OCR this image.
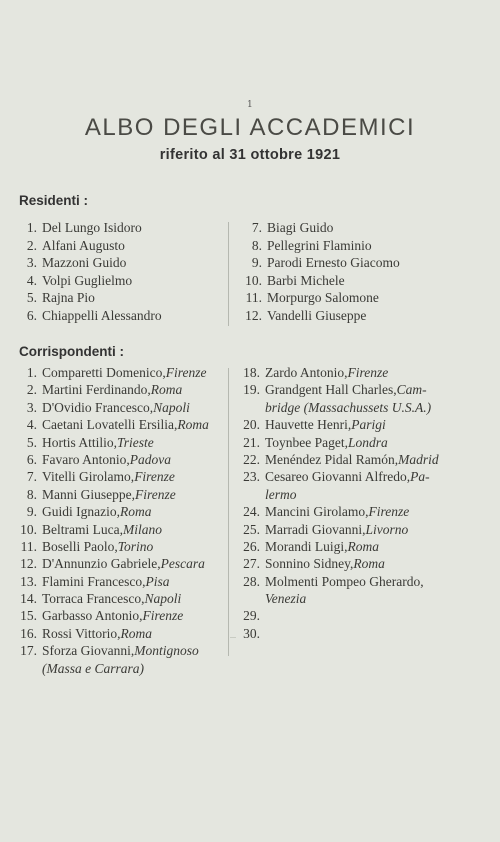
1
ALBO DEGLI ACCADEMICI
riferito al 31 ottobre 1921
Residenti :
1. Del Lungo Isidoro
2. Alfani Augusto
3. Mazzoni Guido
4. Volpi Guglielmo
5. Rajna Pio
6. Chiappelli Alessandro
7. Biagi Guido
8. Pellegrini Flaminio
9. Parodi Ernesto Giacomo
10. Barbi Michele
11. Morpurgo Salomone
12. Vandelli Giuseppe
Corrispondenti :
1. Comparetti Domenico, Firenze
2. Martini Ferdinando, Roma
3. D'Ovidio Francesco, Napoli
4. Caetani Lovatelli Ersilia, Roma
5. Hortis Attilio, Trieste
6. Favaro Antonio, Padova
7. Vitelli Girolamo, Firenze
8. Manni Giuseppe, Firenze
9. Guidi Ignazio, Roma
10. Beltrami Luca, Milano
11. Boselli Paolo, Torino
12. D'Annunzio Gabriele, Pescara
13. Flamini Francesco, Pisa
14. Torraca Francesco, Napoli
15. Garbasso Antonio, Firenze
16. Rossi Vittorio, Roma
17. Sforza Giovanni, Montignoso
(Massa e Carrara)
18. Zardo Antonio, Firenze
19. Grandgent Hall Charles, Cam-
bridge (Massachussets U.S.A.)
20. Hauvette Henri, Parigi
21. Toynbee Paget, Londra
22. Menéndez Pidal Ramón, Madrid
23. Cesareo Giovanni Alfredo, Pa-
lermo
24. Mancini Girolamo, Firenze
25. Marradi Giovanni, Livorno
26. Morandi Luigi, Roma
27. Sonnino Sidney, Roma
28. Molmenti Pompeo Gherardo,
Venezia
29.
30.
